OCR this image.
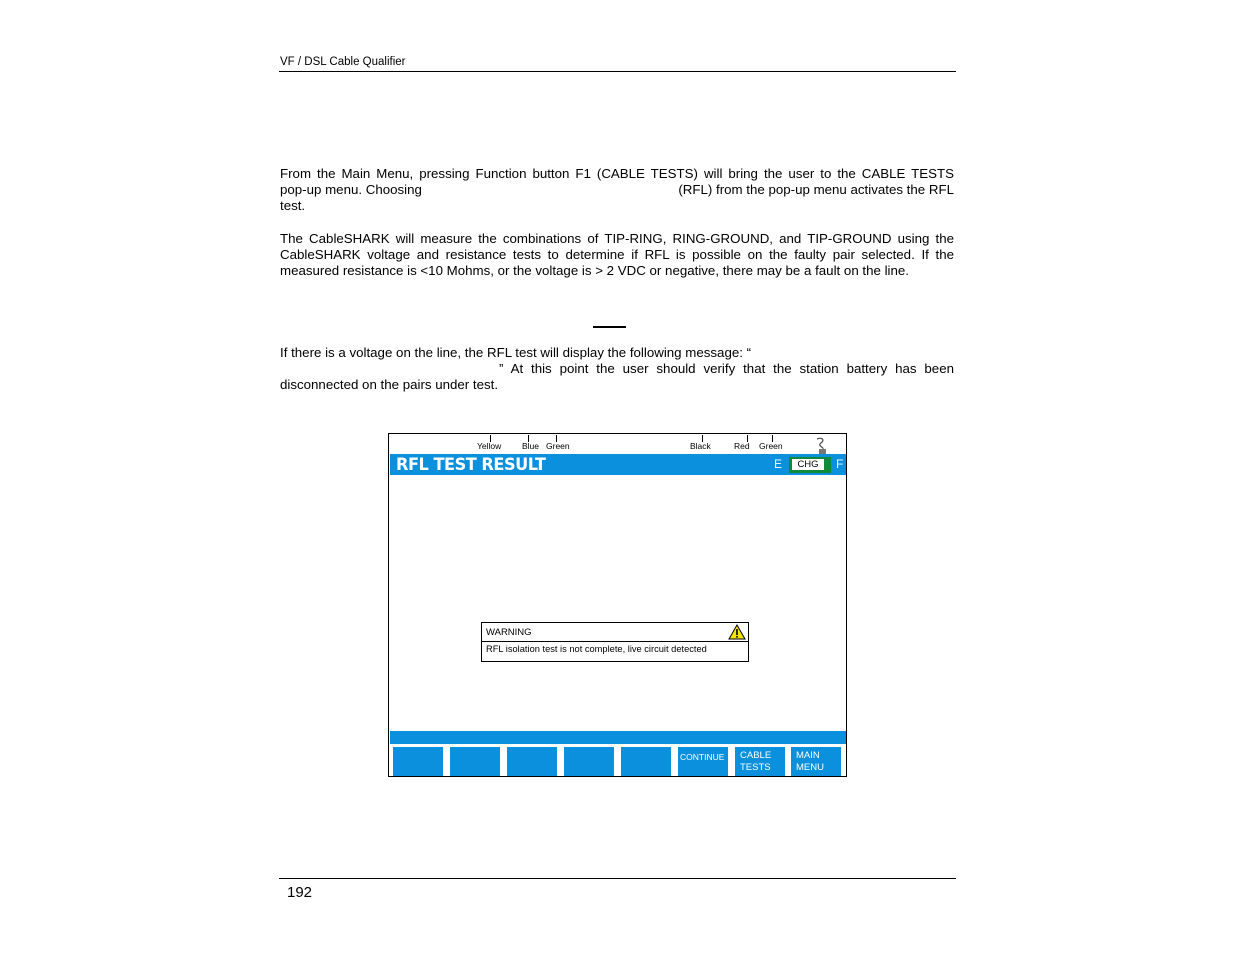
VF / DSL Cable Qualifier
From the Main Menu, pressing Function button F1 (CABLE TESTS) will bring the user to the CABLE TESTS
pop-up menu. Choosing	(RFL) from the pop-up menu activates the RFL
test.
The CableSHARK will measure the combinations of TIP-RING, RING-GROUND, and TIP-GROUND using the CableSHARK voltage and resistance tests to determine if RFL is possible on the faulty pair selected. If the measured resistance is <10 Mohms, or the voltage is > 2 VDC or negative, there may be a fault on the line.
If there is a voltage on the line, the RFL test will display the following message: “
” At this point the user should verify that the station battery has been
disconnected on the pairs under test.
Yellow Blue Green	Black	Red Green
RFL TEST RESULT	E	CHG	F
WARNING
RFL isolation test is not complete, live circuit detected
CONTINUE CABLE TESTS
MAIN MENU
192
